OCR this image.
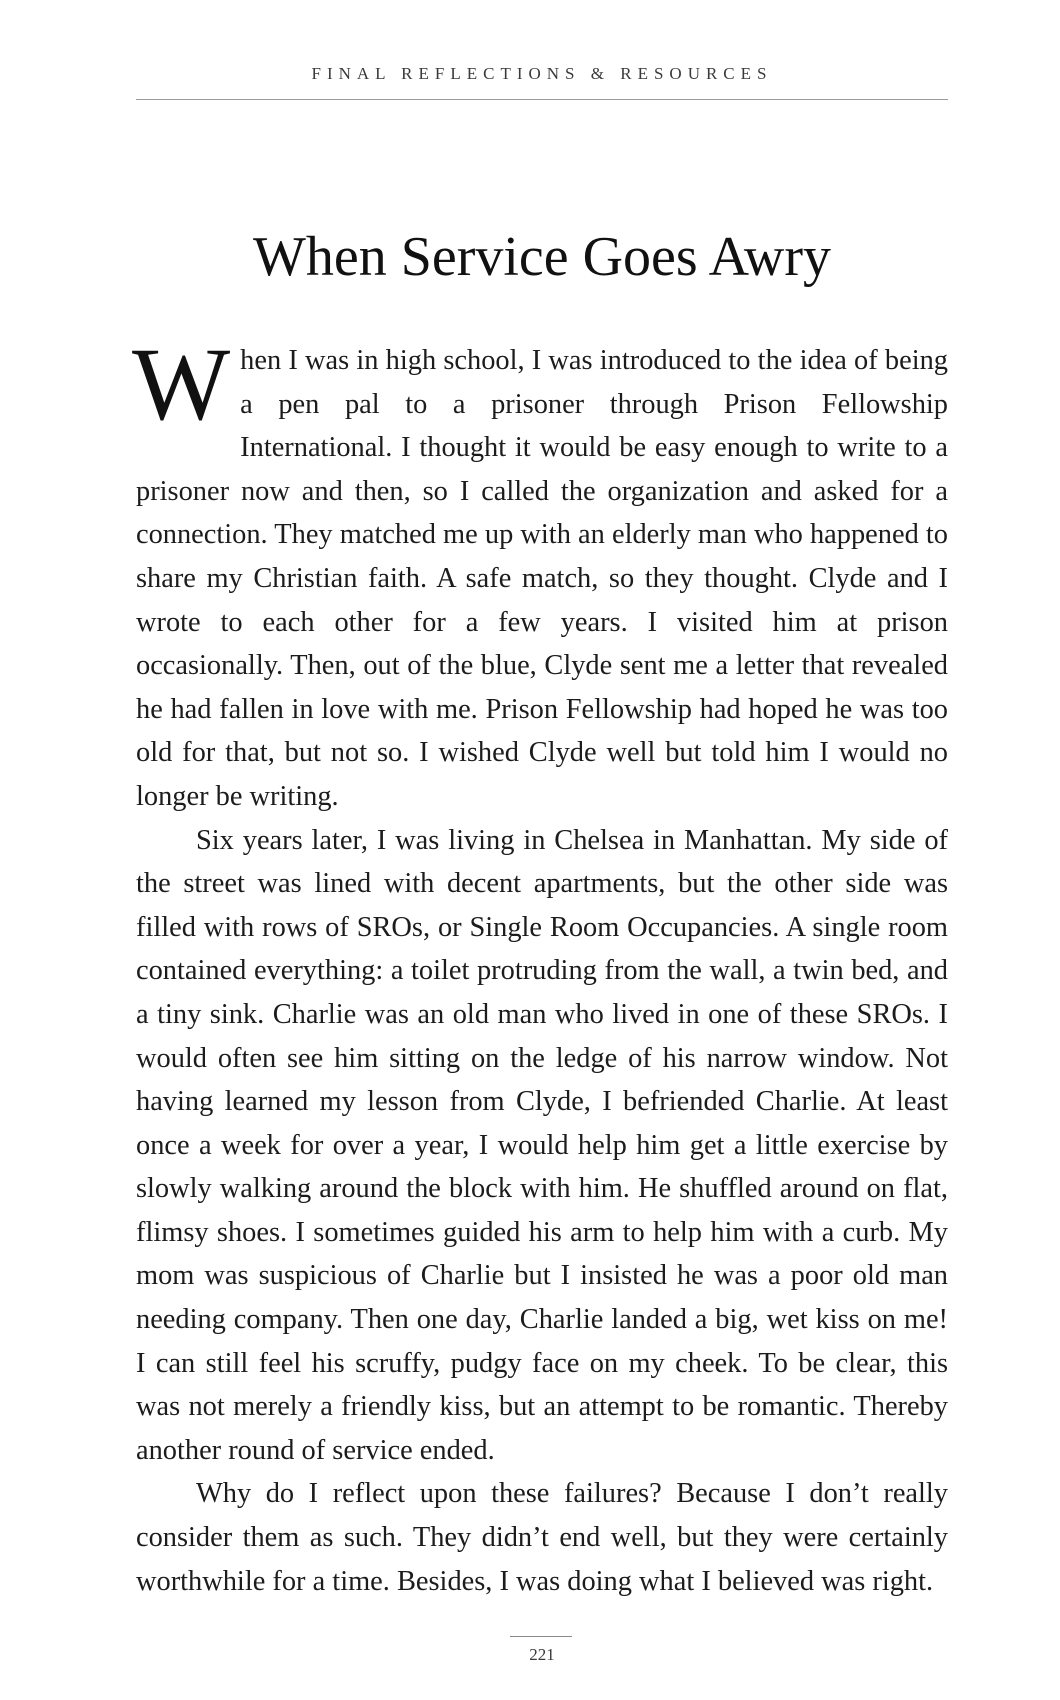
FINAL REFLECTIONS & RESOURCES
When Service Goes Awry

When I was in high school, I was introduced to the idea of being a pen pal to a prisoner through Prison Fellowship International. I thought it would be easy enough to write to a prisoner now and then, so I called the organization and asked for a connection. They matched me up with an elderly man who happened to share my Christian faith. A safe match, so they thought. Clyde and I wrote to each other for a few years. I visited him at prison occasionally. Then, out of the blue, Clyde sent me a letter that revealed he had fallen in love with me. Prison Fellowship had hoped he was too old for that, but not so. I wished Clyde well but told him I would no longer be writing.

Six years later, I was living in Chelsea in Manhattan. My side of the street was lined with decent apartments, but the other side was filled with rows of SROs, or Single Room Occupancies. A single room contained everything: a toilet protruding from the wall, a twin bed, and a tiny sink. Charlie was an old man who lived in one of these SROs. I would often see him sitting on the ledge of his narrow window. Not having learned my lesson from Clyde, I befriended Charlie. At least once a week for over a year, I would help him get a little exercise by slowly walking around the block with him. He shuffled around on flat, flimsy shoes. I sometimes guided his arm to help him with a curb. My mom was suspicious of Charlie but I insisted he was a poor old man needing company. Then one day, Charlie landed a big, wet kiss on me! I can still feel his scruffy, pudgy face on my cheek. To be clear, this was not merely a friendly kiss, but an attempt to be romantic. Thereby another round of service ended.

Why do I reflect upon these failures? Because I don’t really consider them as such. They didn’t end well, but they were certainly worthwhile for a time. Besides, I was doing what I believed was right.

221
